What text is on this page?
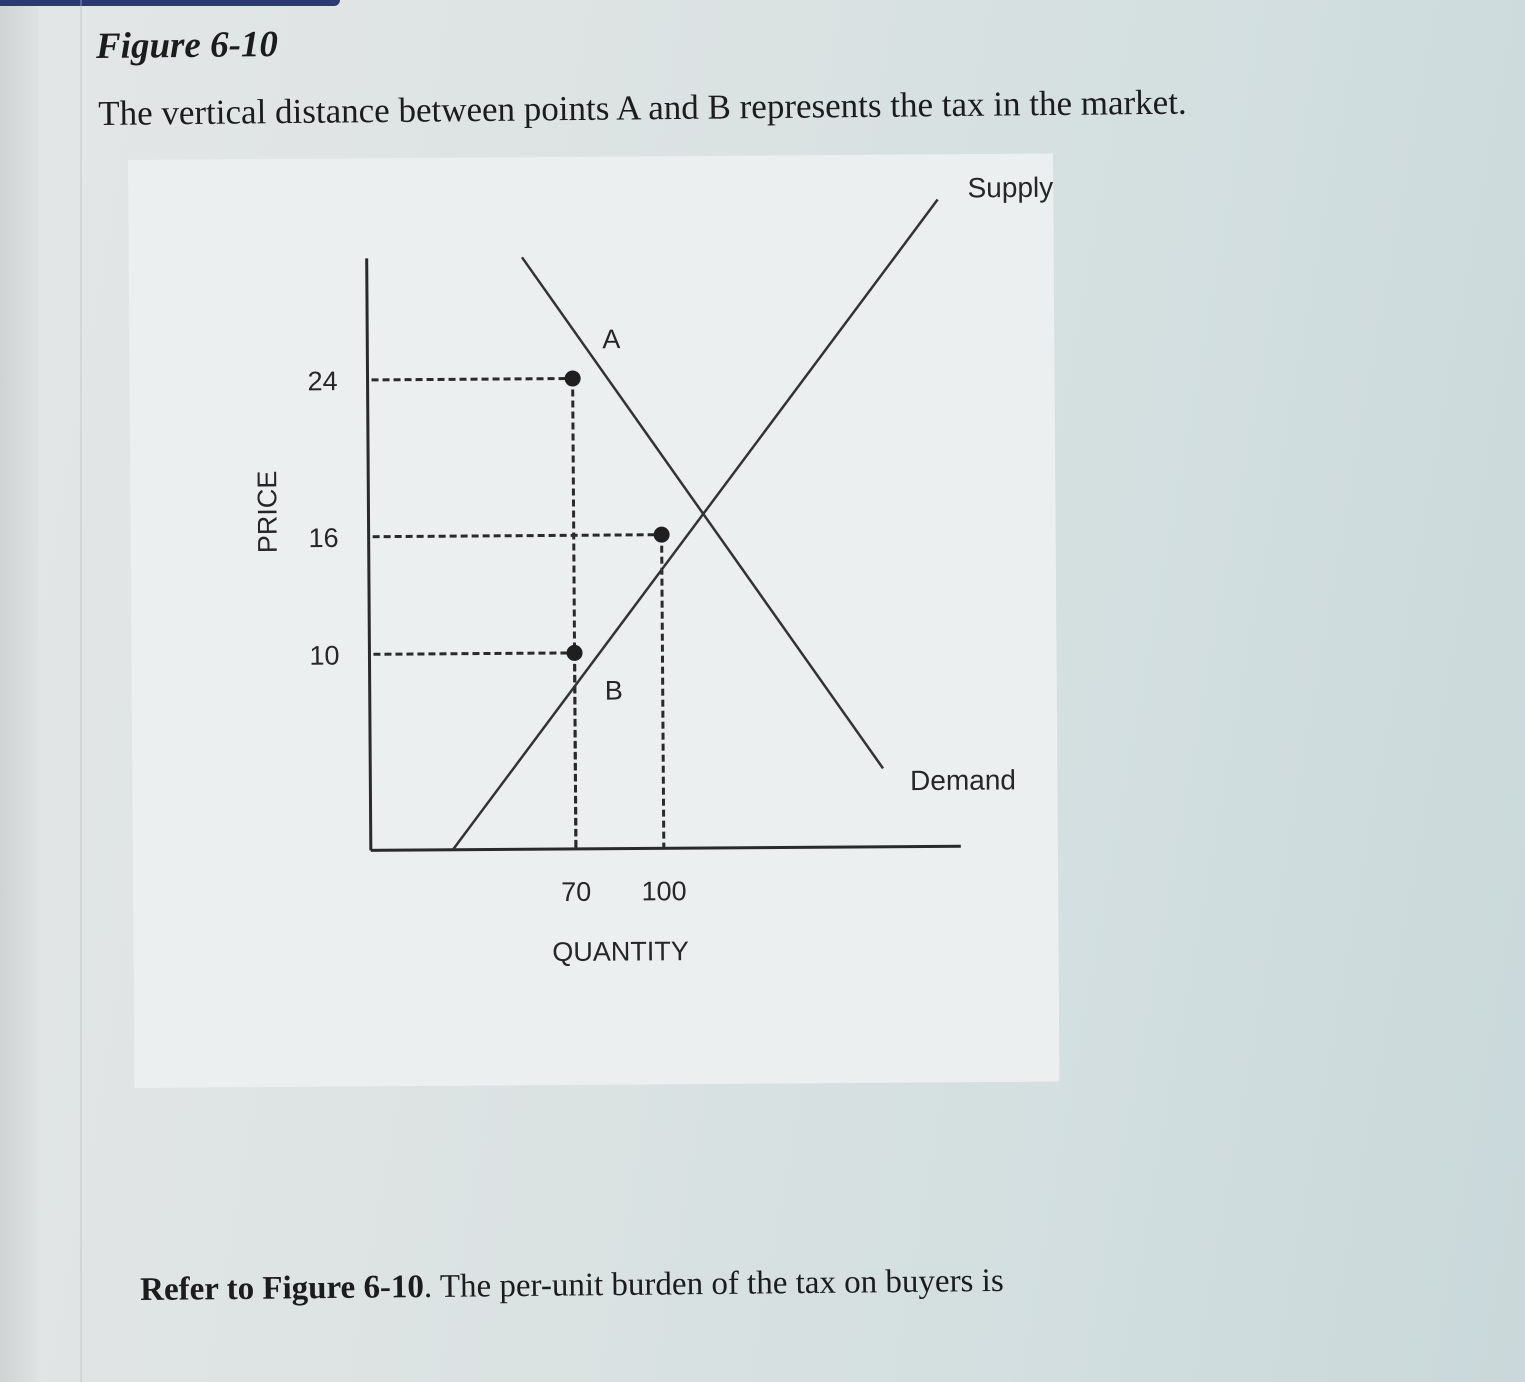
Figure 6-10
The vertical distance between points A and B represents the tax in the market.
24
16
10
70 100
QUANTITY
PRICE
A
B
Supply
Demand
Refer to Figure 6-10. The per-unit burden of the tax on buyers is
